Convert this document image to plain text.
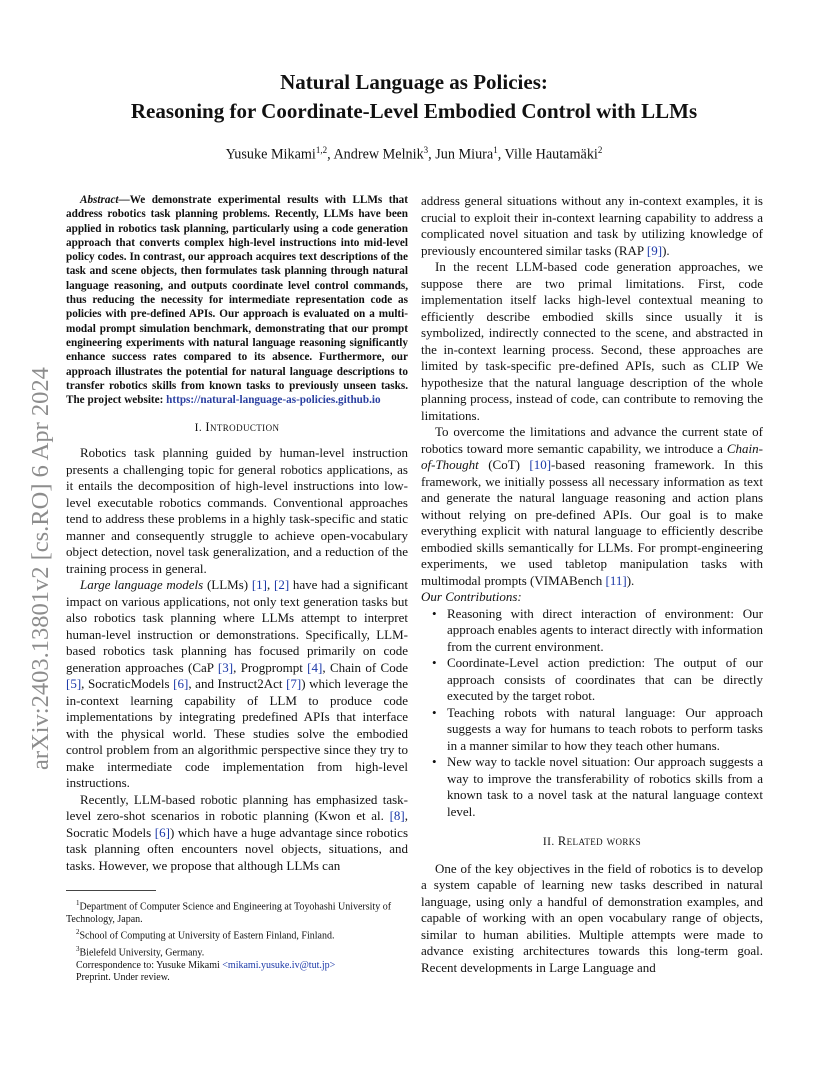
Natural Language as Policies:
Reasoning for Coordinate-Level Embodied Control with LLMs
Yusuke Mikami$^{1,2}$, Andrew Melnik$^3$, Jun Miura$^1$, Ville Hautamäki$^2$
arXiv:2403.13801v2 [cs.RO] 6 Apr 2024

Abstract—We demonstrate experimental results with LLMs that address robotics task planning problems. Recently, LLMs have been applied in robotics task planning, particularly using a code generation approach that converts complex high-level instructions into mid-level policy codes. In contrast, our approach acquires text descriptions of the task and scene objects, then formulates task planning through natural language reasoning, and outputs coordinate level control commands, thus reducing the necessity for intermediate representation code as policies with pre-defined APIs. Our approach is evaluated on a multi-modal prompt simulation benchmark, demonstrating that our prompt engineering experiments with natural language reasoning significantly enhance success rates compared to its absence. Furthermore, our approach illustrates the potential for natural language descriptions to transfer robotics skills from known tasks to previously unseen tasks. The project website: https://natural-language-as-policies.github.io

I. Introduction

Robotics task planning guided by human-level instruction presents a challenging topic for general robotics applications, as it entails the decomposition of high-level instructions into low-level executable robotics commands. Conventional approaches tend to address these problems in a highly task-specific and static manner and consequently struggle to achieve open-vocabulary object detection, novel task generalization, and a reduction of the training process in general.

Large language models (LLMs) [1], [2] have had a significant impact on various applications, not only text generation tasks but also robotics task planning where LLMs attempt to interpret human-level instruction or demonstrations. Specifically, LLM-based robotics task planning has focused primarily on code generation approaches (CaP [3], Progprompt [4], Chain of Code [5], SocraticModels [6], and Instruct2Act [7]) which leverage the in-context learning capability of LLM to produce code implementations by integrating predefined APIs that interface with the physical world. These studies solve the embodied control problem from an algorithmic perspective since they try to make intermediate code implementation from high-level instructions.

Recently, LLM-based robotic planning has emphasized task-level zero-shot scenarios in robotic planning (Kwon et al. [8], Socratic Models [6]) which have a huge advantage since robotics task planning often encounters novel objects, situations, and tasks. However, we propose that although LLMs can

$^1$Department of Computer Science and Engineering at Toyohashi University of Technology, Japan.
$^2$School of Computing at University of Eastern Finland, Finland.
$^3$Bielefeld University, Germany.
Correspondence to: Yusuke Mikami <mikami.yusuke.iv@tut.jp>
Preprint. Under review.

address general situations without any in-context examples, it is crucial to exploit their in-context learning capability to address a complicated novel situation and task by utilizing knowledge of previously encountered similar tasks (RAP [9]).

In the recent LLM-based code generation approaches, we suppose there are two primal limitations. First, code implementation itself lacks high-level contextual meaning to efficiently describe embodied skills since usually it is symbolized, indirectly connected to the scene, and abstracted in the in-context learning process. Second, these approaches are limited by task-specific pre-defined APIs, such as CLIP We hypothesize that the natural language description of the whole planning process, instead of code, can contribute to removing the limitations.

To overcome the limitations and advance the current state of robotics toward more semantic capability, we introduce a Chain-of-Thought (CoT) [10]-based reasoning framework. In this framework, we initially possess all necessary information as text and generate the natural language reasoning and action plans without relying on pre-defined APIs. Our goal is to make everything explicit with natural language to efficiently describe embodied skills semantically for LLMs. For prompt-engineering experiments, we used tabletop manipulation tasks with multimodal prompts (VIMABench [11]).

Our Contributions:

• Reasoning with direct interaction of environment: Our approach enables agents to interact directly with information from the current environment.
• Coordinate-Level action prediction: The output of our approach consists of coordinates that can be directly executed by the target robot.
• Teaching robots with natural language: Our approach suggests a way for humans to teach robots to perform tasks in a manner similar to how they teach other humans.
• New way to tackle novel situation: Our approach suggests a way to improve the transferability of robotics skills from a known task to a novel task at the natural language context level.
II. Related works

One of the key objectives in the field of robotics is to develop a system capable of learning new tasks described in natural language, using only a handful of demonstration examples, and capable of working with an open vocabulary range of objects, similar to human abilities. Multiple attempts were made to advance existing architectures towards this long-term goal. Recent developments in Large Language and
